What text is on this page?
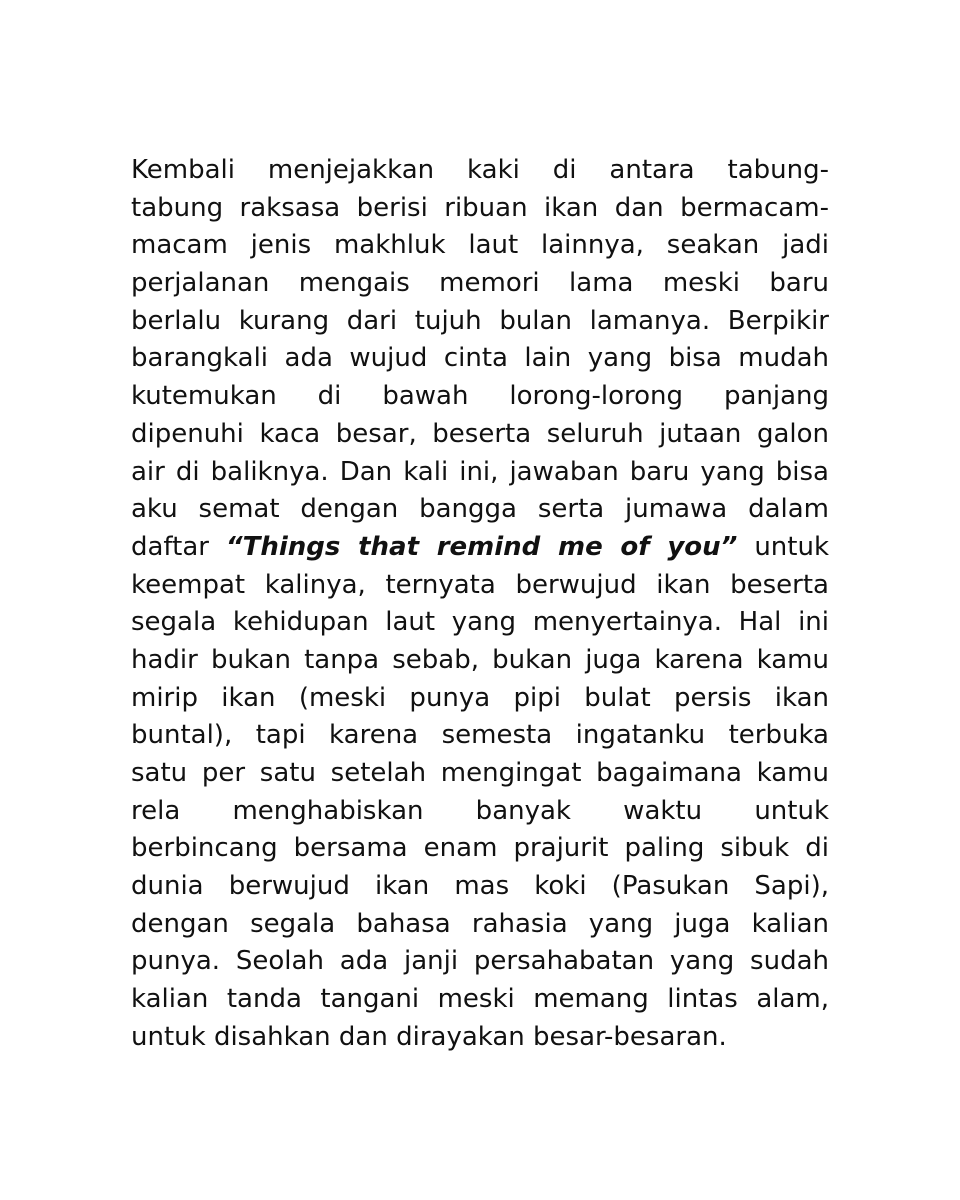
Kembali menjejakkan kaki di antara tabung-
tabung raksasa berisi ribuan ikan dan bermacam-
macam jenis makhluk laut lainnya, seakan jadi
perjalanan mengais memori lama meski baru
berlalu kurang dari tujuh bulan lamanya. Berpikir
barangkali ada wujud cinta lain yang bisa mudah
kutemukan di bawah lorong-lorong panjang
dipenuhi kaca besar, beserta seluruh jutaan galon
air di baliknya. Dan kali ini, jawaban baru yang bisa
aku semat dengan bangga serta jumawa dalam
daftar “Things that remind me of you” untuk
keempat kalinya, ternyata berwujud ikan beserta
segala kehidupan laut yang menyertainya. Hal ini
hadir bukan tanpa sebab, bukan juga karena kamu
mirip ikan (meski punya pipi bulat persis ikan
buntal), tapi karena semesta ingatanku terbuka
satu per satu setelah mengingat bagaimana kamu
rela menghabiskan banyak waktu untuk
berbincang bersama enam prajurit paling sibuk di
dunia berwujud ikan mas koki (Pasukan Sapi),
dengan segala bahasa rahasia yang juga kalian
punya. Seolah ada janji persahabatan yang sudah
kalian tanda tangani meski memang lintas alam,
untuk disahkan dan dirayakan besar-besaran.
